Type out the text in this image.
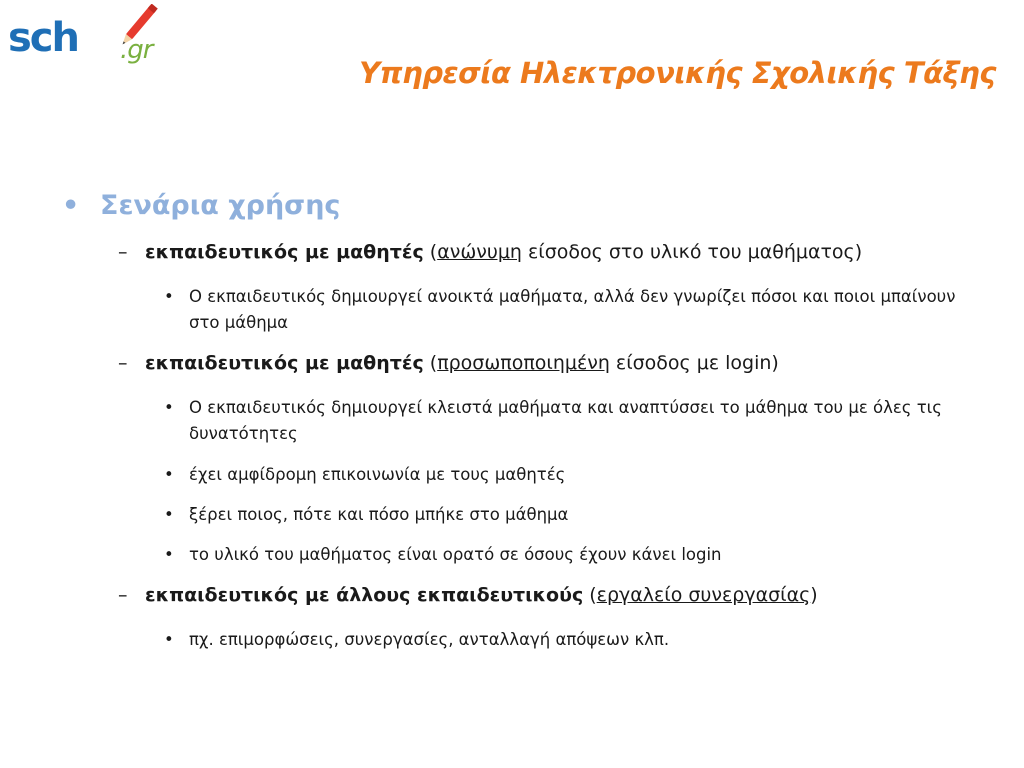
sch .gr
Υπηρεσία Ηλεκτρονικής Σχολικής Τάξης
• Σενάρια χρήσης
– εκπαιδευτικός με μαθητές (ανώνυμη είσοδος στο υλικό του μαθήματος)
• Ο εκπαιδευτικός δημιουργεί ανοικτά μαθήματα, αλλά δεν γνωρίζει πόσοι και ποιοι μπαίνουν στο μάθημα
– εκπαιδευτικός με μαθητές (προσωποποιημένη είσοδος με login)
• Ο εκπαιδευτικός δημιουργεί κλειστά μαθήματα και αναπτύσσει το μάθημα του με όλες τις δυνατότητες
• έχει αμφίδρομη επικοινωνία με τους μαθητές
• ξέρει ποιος, πότε και πόσο μπήκε στο μάθημα
• το υλικό του μαθήματος είναι ορατό σε όσους έχουν κάνει login
– εκπαιδευτικός με άλλους εκπαιδευτικούς (εργαλείο συνεργασίας)
• πχ. επιμορφώσεις, συνεργασίες, ανταλλαγή απόψεων κλπ.
